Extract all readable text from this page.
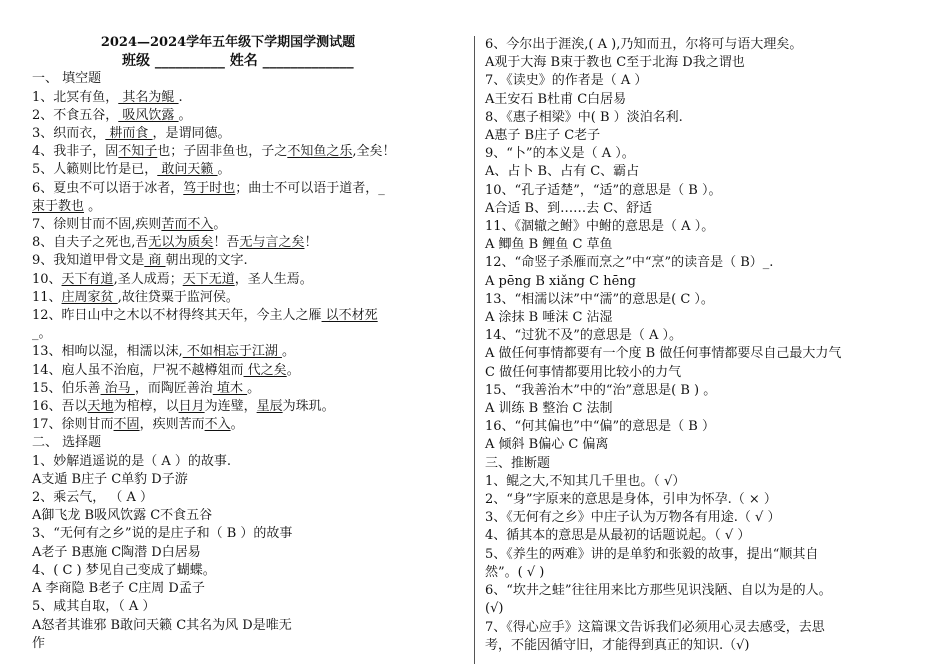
2024—2024学年五年级下学期国学测试题
班级 __________ 姓名 _____________
一、 填空题
1、北冥有鱼， 其名为鲲 .
2、不食五谷， 吸风饮露 。
3、织而衣， 耕而食 ，是谓同德。
4、我非子，固不知子也；子固非鱼也，子之不知鱼之乐,全矣！
5、人籁则比竹是已， 敢问天籁 。
6、夏虫不可以语于冰者，笃于时也；曲士不可以语于道者，_
束于教也 。
7、徐则甘而不固,疾则苦而不入。
8、自夫子之死也,吾无以为质矣！吾无与言之矣！
9、我知道甲骨文是 商 朝出现的文字.
10、天下有道,圣人成焉；天下无道，圣人生焉。
11、庄周家贫 ,故往贷粟于监河侯。
12、昨日山中之木以不材得终其天年，今主人之雁 以不材死
_。
13、相呴以湿，相濡以沫, 不如相忘于江湖 。
14、庖人虽不治庖，尸祝不越樽俎而 代之矣。
15、伯乐善 治马 ，而陶匠善治 埴木 。
16、吾以天地为棺椁，以日月为连璧，星辰为珠玑。
17、徐则甘而不固，疾则苦而不入。
二、 选择题
1、妙解逍遥说的是（ A ）的故事.
A支遁 B庄子 C单豹 D子游
2、乘云气， （ A ）
A御飞龙 B吸风饮露 C不食五谷
3、“无何有之乡”说的是庄子和（ B ）的故事
A老子 B惠施 C陶潜 D白居易
4、( C ) 梦见自己变成了蝴蝶。
A 李商隐 B老子 C庄周 D孟子
5、咸其自取，（ A ）
A怒者其谁邪 B敢问天籁 C其名为风 D是唯无
作
6、今尔出于涯涘,( A ),乃知而丑，尔将可与语大理矣。
A观于大海 B束于教也 C至于北海 D我之谓也
7、《读史》的作者是（ A ）
A王安石 B杜甫 C白居易
8、《惠子相梁》中( B ）淡泊名利.
A惠子 B庄子 C老子
9、“卜”的本义是（ A ）。
A、占卜 B、占有 C、霸占
10、“孔子适楚”，“适”的意思是（ B ）。
A合适 B、到……去 C、舒适
11、《涸辙之鲋》中鲋的意思是（ A ）。
A 鲫鱼 B 鲤鱼 C 草鱼
12、“命竖子杀雁而烹之”中“烹”的读音是（ B）_.
A pēng B xiǎng C hēng
13、“相濡以沫”中“濡”的意思是( C ）。
A 涂抹 B 唾沫 C 沾湿
14、“过犹不及”的意思是（ A ）。
A 做任何事情都要有一个度 B 做任何事情都要尽自己最大力气
C 做任何事情都要用比较小的力气
15、“我善治木”中的“治”意思是( B ) 。
A 训练 B 整治 C 法制
16、“何其偏也”中“偏”的意思是（ B ）
A 倾斜 B偏心 C 偏离
三、推断题
1、鲲之大,不知其几千里也。（ √）
2、“身”字原来的意思是身体，引申为怀孕.（ × ）
3、《无何有之乡》中庄子认为万物各有用途.（ √ ）
4、循其本的意思是从最初的话题说起。（ √ ）
5、《养生的两难》讲的是单豹和张毅的故事，提出“顺其自
然”。( √ )
6、“坎井之蛙”往往用来比方那些见识浅陋、自以为是的人。
(√)
7、《得心应手》这篇课文告诉我们必须用心灵去感受，去思
考，不能因循守旧，才能得到真正的知识.（√)
